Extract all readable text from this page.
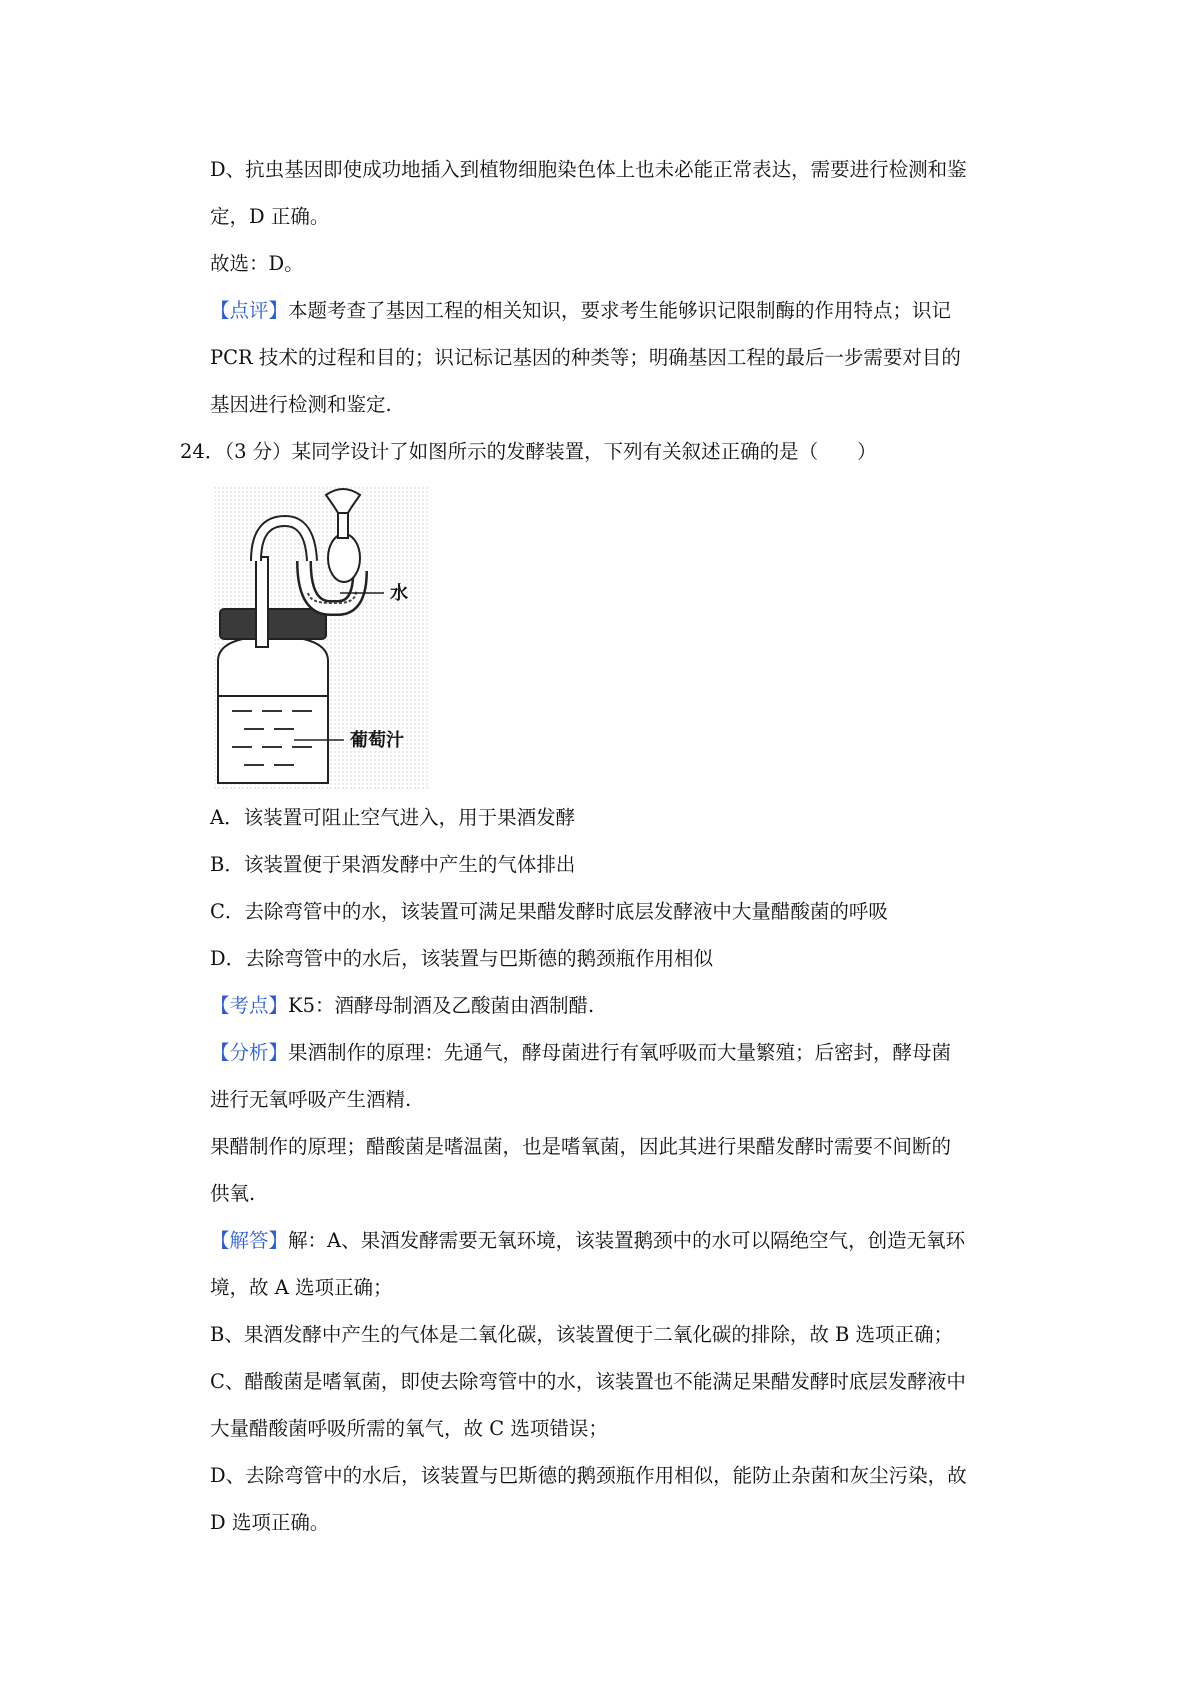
D、抗虫基因即使成功地插入到植物细胞染色体上也未必能正常表达，需要进行检测和鉴
定，D 正确。
故选：D。
【点评】本题考查了基因工程的相关知识，要求考生能够识记限制酶的作用特点；识记
PCR 技术的过程和目的；识记标记基因的种类等；明确基因工程的最后一步需要对目的
基因进行检测和鉴定.
24．（3 分）某同学设计了如图所示的发酵装置，下列有关叙述正确的是（　　）
水
葡萄汁
A．该装置可阻止空气进入，用于果酒发酵
B．该装置便于果酒发酵中产生的气体排出
C．去除弯管中的水，该装置可满足果醋发酵时底层发酵液中大量醋酸菌的呼吸
D．去除弯管中的水后，该装置与巴斯德的鹅颈瓶作用相似
【考点】K5：酒酵母制酒及乙酸菌由酒制醋.
【分析】果酒制作的原理：先通气，酵母菌进行有氧呼吸而大量繁殖；后密封，酵母菌
进行无氧呼吸产生酒精.
果醋制作的原理；醋酸菌是嗜温菌，也是嗜氧菌，因此其进行果醋发酵时需要不间断的
供氧.
【解答】解：A、果酒发酵需要无氧环境，该装置鹅颈中的水可以隔绝空气，创造无氧环
境，故 A 选项正确；
B、果酒发酵中产生的气体是二氧化碳，该装置便于二氧化碳的排除，故 B 选项正确；
C、醋酸菌是嗜氧菌，即使去除弯管中的水，该装置也不能满足果醋发酵时底层发酵液中
大量醋酸菌呼吸所需的氧气，故 C 选项错误；
D、去除弯管中的水后，该装置与巴斯德的鹅颈瓶作用相似，能防止杂菌和灰尘污染，故
D 选项正确。
